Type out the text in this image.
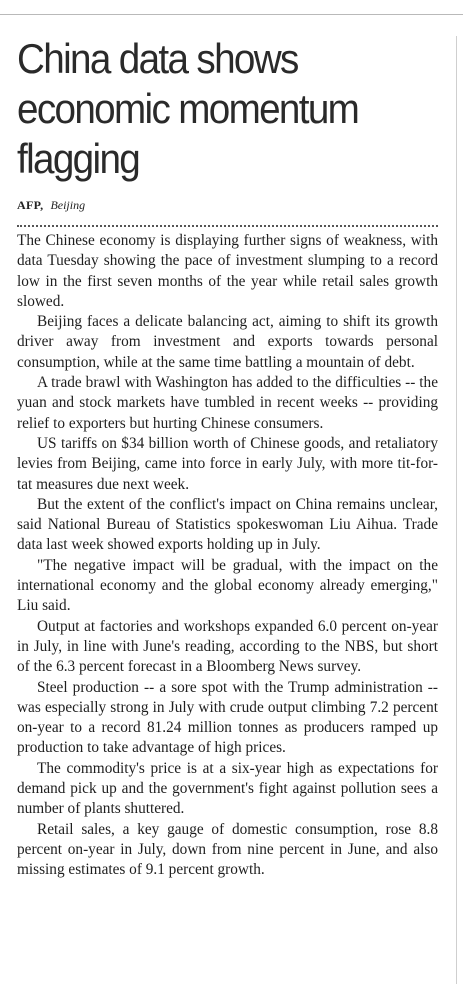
China data shows economic momentum flagging
AFP, Beijing

The Chinese economy is displaying further signs of weakness, with data Tuesday showing the pace of investment slumping to a record low in the first seven months of the year while retail sales growth slowed.

Beijing faces a delicate balancing act, aiming to shift its growth driver away from investment and exports towards personal consumption, while at the same time battling a mountain of debt.

A trade brawl with Washington has added to the difficulties -- the yuan and stock markets have tumbled in recent weeks -- providing relief to exporters but hurting Chinese consumers.

US tariffs on $34 billion worth of Chinese goods, and retaliatory levies from Beijing, came into force in early July, with more tit-for-tat measures due next week.

But the extent of the conflict's impact on China remains unclear, said National Bureau of Statistics spokeswoman Liu Aihua. Trade data last week showed exports holding up in July.

"The negative impact will be gradual, with the impact on the international economy and the global economy already emerging," Liu said.

Output at factories and workshops expanded 6.0 percent on-year in July, in line with June's reading, according to the NBS, but short of the 6.3 percent forecast in a Bloomberg News survey.

Steel production -- a sore spot with the Trump administration -- was especially strong in July with crude output climbing 7.2 percent on-year to a record 81.24 million tonnes as producers ramped up production to take advantage of high prices.

The commodity's price is at a six-year high as expectations for demand pick up and the government's fight against pollution sees a number of plants shuttered.

Retail sales, a key gauge of domestic consumption, rose 8.8 percent on-year in July, down from nine percent in June, and also missing estimates of 9.1 percent growth.
